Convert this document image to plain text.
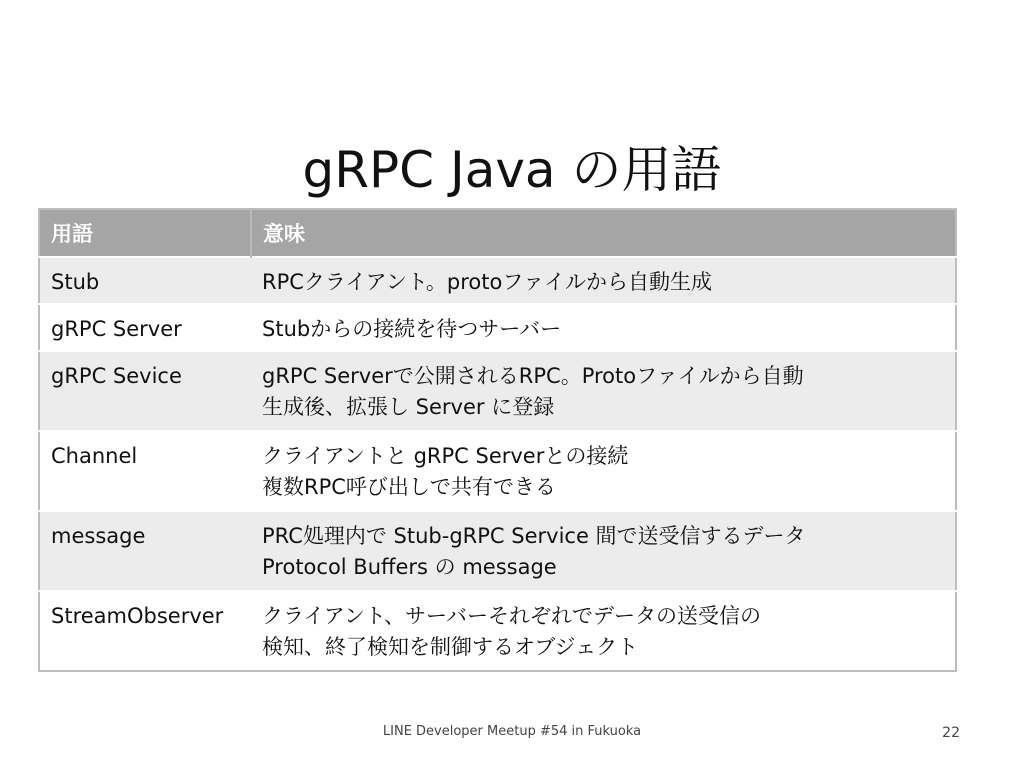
gRPC Java の用語
用語	意味
Stub	RPCクライアント。protoファイルから自動生成

gRPC Server	Stubからの接続を待つサーバー

gRPC Sevice	gRPC Serverで公開されるRPC。Protoファイルから自動
生成後、拡張し Server に登録

Channel	クライアントと gRPC Serverとの接続
複数RPC呼び出しで共有できる

message	PRC処理内で Stub-gRPC Service 間で送受信するデータ
Protocol Buffers の message

StreamObserver	クライアント、サーバーそれぞれでデータの送受信の
検知、終了検知を制御するオブジェクト
LINE Developer Meetup #54 in Fukuoka	22
